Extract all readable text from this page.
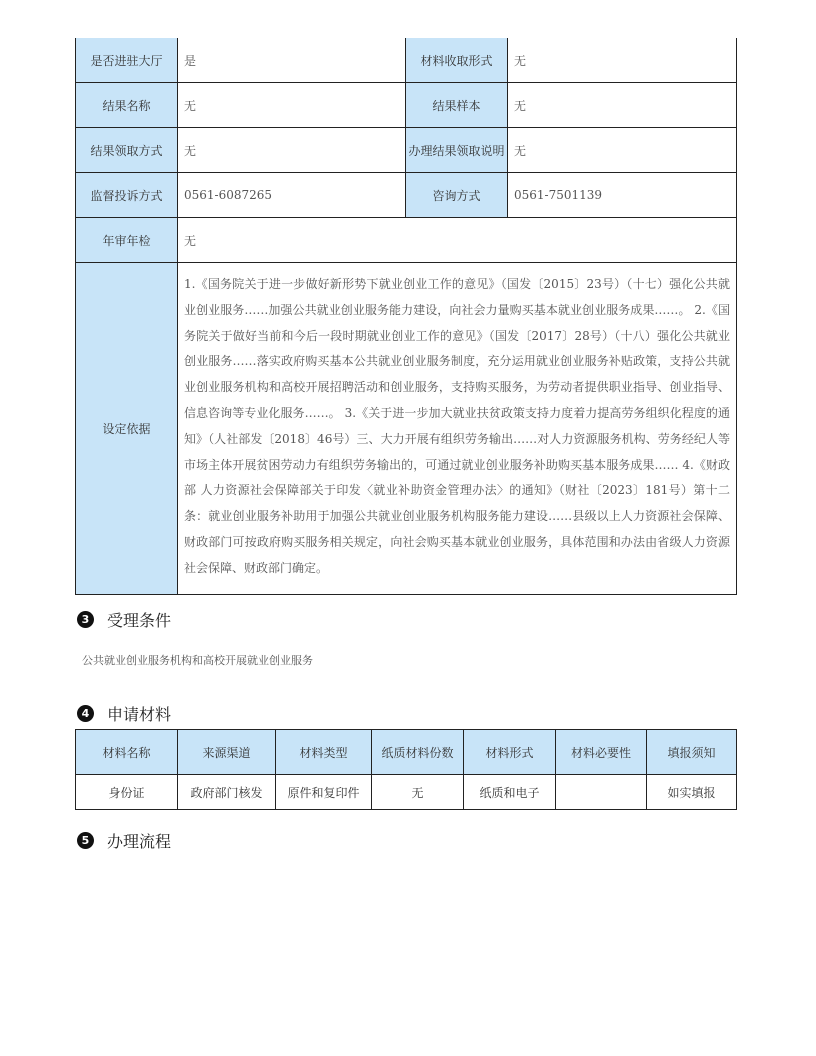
是否进驻大厅	是	材料收取形式	无
结果名称	无	结果样本	无
结果领取方式	无	办理结果领取说明	无
监督投诉方式	0561-6087265	咨询方式	0561-7501139
年审年检	无		
设定依据	1.《国务院关于进一步做好新形势下就业创业工作的意见》（国发〔2015〕23号）（十七）强化公共就业创业服务……加强公共就业创业服务能力建设，向社会力量购买基本就业创业服务成果……。 2.《国务院关于做好当前和今后一段时期就业创业工作的意见》（国发〔2017〕28号）（十八）强化公共就业创业服务……落实政府购买基本公共就业创业服务制度，充分运用就业创业服务补贴政策，支持公共就业创业服务机构和高校开展招聘活动和创业服务，支持购买服务，为劳动者提供职业指导、创业指导、信息咨询等专业化服务……。 3.《关于进一步加大就业扶贫政策支持力度着力提高劳务组织化程度的通知》（人社部发〔2018〕46号）三、大力开展有组织劳务输出……对人力资源服务机构、劳务经纪人等市场主体开展贫困劳动力有组织劳务输出的，可通过就业创业服务补助购买基本服务成果…… 4.《财政部 人力资源社会保障部关于印发〈就业补助资金管理办法〉的通知》（财社〔2023〕181号）第十二条：就业创业服务补助用于加强公共就业创业服务机构服务能力建设……县级以上人力资源社会保障、财政部门可按政府购买服务相关规定，向社会购买基本就业创业服务，具体范围和办法由省级人力资源社会保障、财政部门确定。		
3 受理条件
公共就业创业服务机构和高校开展就业创业服务
4 申请材料
材料名称	来源渠道	材料类型	纸质材料份数	材料形式	材料必要性	填报须知
身份证	政府部门核发	原件和复印件	无	纸质和电子		如实填报
5 办理流程
